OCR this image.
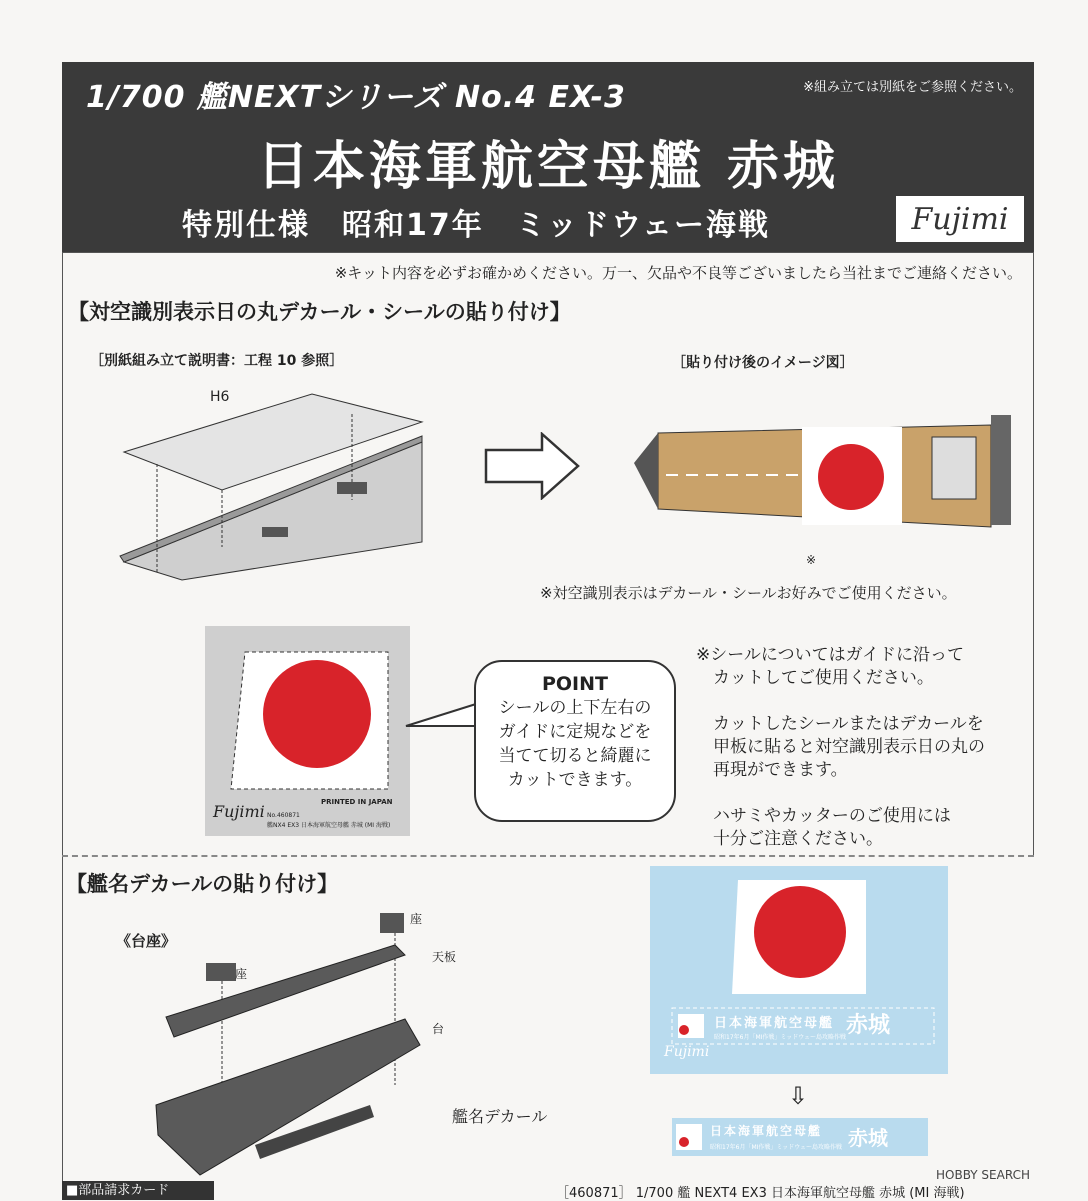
1/700 艦NEXTシリーズ No.4 EX-3	※組み立ては別紙をご参照ください。
日本海軍航空母艦 赤城
特別仕様　昭和17年　ミッドウェー海戦	Fujimi
※キット内容を必ずお確かめください。万一、欠品や不良等ございましたら当社までご連絡ください。
【対空識別表示日の丸デカール・シールの貼り付け】
［別紙組み立て説明書：工程 10 参照］	［貼り付け後のイメージ図］
H6
※
※対空識別表示はデカール・シールお好みでご使用ください。
PRINTED IN JAPAN
Fujimi No.460871
艦NX4 EX3 日本海軍航空母艦 赤城 (MI 海戦)
POINT
シールの上下左右の
ガイドに定規などを
当てて切ると綺麗に
カットできます。
※シールについてはガイドに沿って
　カットしてご使用ください。
　カットしたシールまたはデカールを
　甲板に貼ると対空識別表示日の丸の
　再現ができます。
　ハサミやカッターのご使用には
　十分ご注意ください。
【艦名デカールの貼り付け】
《台座》
座
座
天板
台
艦名デカール
日本海軍航空母艦 赤城
昭和17年6月「MI作戦」ミッドウェー島攻略作戦
Fujimi
⇩
日本海軍航空母艦 赤城
昭和17年6月「MI作戦」ミッドウェー島攻略作戦
■部品請求カード	［460871］ 1/700 艦 NEXT4 EX3 日本海軍航空母艦 赤城 (MI 海戦)
HOBBY SEARCH
